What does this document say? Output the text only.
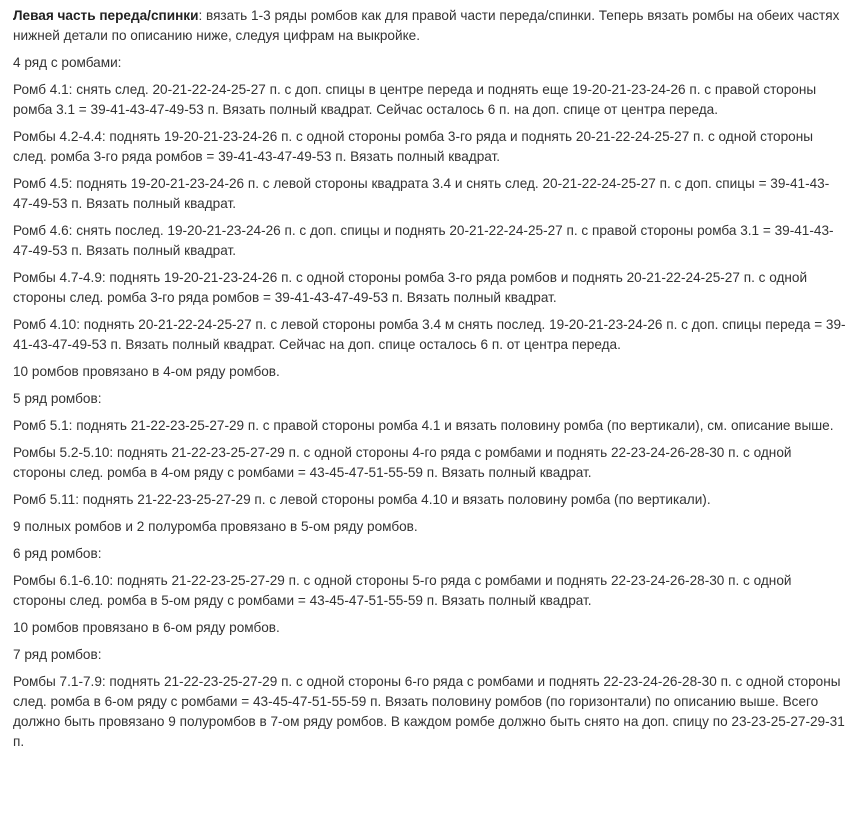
Левая часть переда/спинки: вязать 1-3 ряды ромбов как для правой части переда/спинки. Теперь вязать ромбы на обеих частях нижней детали по описанию ниже, следуя цифрам на выкройке.

4 ряд с ромбами:

Ромб 4.1: снять след. 20-21-22-24-25-27 п. с доп. спицы в центре переда и поднять еще 19-20-21-23-24-26 п. с правой стороны ромба 3.1 = 39-41-43-47-49-53 п. Вязать полный квадрат. Сейчас осталось 6 п. на доп. спице от центра переда.

Ромбы 4.2-4.4: поднять 19-20-21-23-24-26 п. с одной стороны ромба 3-го ряда и поднять 20-21-22-24-25-27 п. с одной стороны след. ромба 3-го ряда ромбов = 39-41-43-47-49-53 п. Вязать полный квадрат.

Ромб 4.5: поднять 19-20-21-23-24-26 п. с левой стороны квадрата 3.4 и снять след. 20-21-22-24-25-27 п. с доп. спицы = 39-41-43-47-49-53 п. Вязать полный квадрат.

Ромб 4.6: снять послед. 19-20-21-23-24-26 п. с доп. спицы и поднять 20-21-22-24-25-27 п. с правой стороны ромба 3.1 = 39-41-43-47-49-53 п. Вязать полный квадрат.

Ромбы 4.7-4.9: поднять 19-20-21-23-24-26 п. с одной стороны ромба 3-го ряда ромбов и поднять 20-21-22-24-25-27 п. с одной стороны след. ромба 3-го ряда ромбов = 39-41-43-47-49-53 п. Вязать полный квадрат.

Ромб 4.10: поднять 20-21-22-24-25-27 п. с левой стороны ромба 3.4 м снять послед. 19-20-21-23-24-26 п. с доп. спицы переда = 39-41-43-47-49-53 п. Вязать полный квадрат. Сейчас на доп. спице осталось 6 п. от центра переда.

10 ромбов провязано в 4-ом ряду ромбов.

5 ряд ромбов:

Ромб 5.1: поднять 21-22-23-25-27-29 п. с правой стороны ромба 4.1 и вязать половину ромба (по вертикали), см. описание выше.

Ромбы 5.2-5.10: поднять 21-22-23-25-27-29 п. с одной стороны 4-го ряда с ромбами и поднять 22-23-24-26-28-30 п. с одной стороны след. ромба в 4-ом ряду с ромбами = 43-45-47-51-55-59 п. Вязать полный квадрат.

Ромб 5.11: поднять 21-22-23-25-27-29 п. с левой стороны ромба 4.10 и вязать половину ромба (по вертикали).

9 полных ромбов и 2 полуромба провязано в 5-ом ряду ромбов.

6 ряд ромбов:

Ромбы 6.1-6.10: поднять 21-22-23-25-27-29 п. с одной стороны 5-го ряда с ромбами и поднять 22-23-24-26-28-30 п. с одной стороны след. ромба в 5-ом ряду с ромбами = 43-45-47-51-55-59 п. Вязать полный квадрат.

10 ромбов провязано в 6-ом ряду ромбов.

7 ряд ромбов:

Ромбы 7.1-7.9: поднять 21-22-23-25-27-29 п. с одной стороны 6-го ряда с ромбами и поднять 22-23-24-26-28-30 п. с одной стороны след. ромба в 6-ом ряду с ромбами = 43-45-47-51-55-59 п. Вязать половину ромбов (по горизонтали) по описанию выше. Всего должно быть провязано 9 полуромбов в 7-ом ряду ромбов. В каждом ромбе должно быть снято на доп. спицу по 23-23-25-27-29-31 п.
